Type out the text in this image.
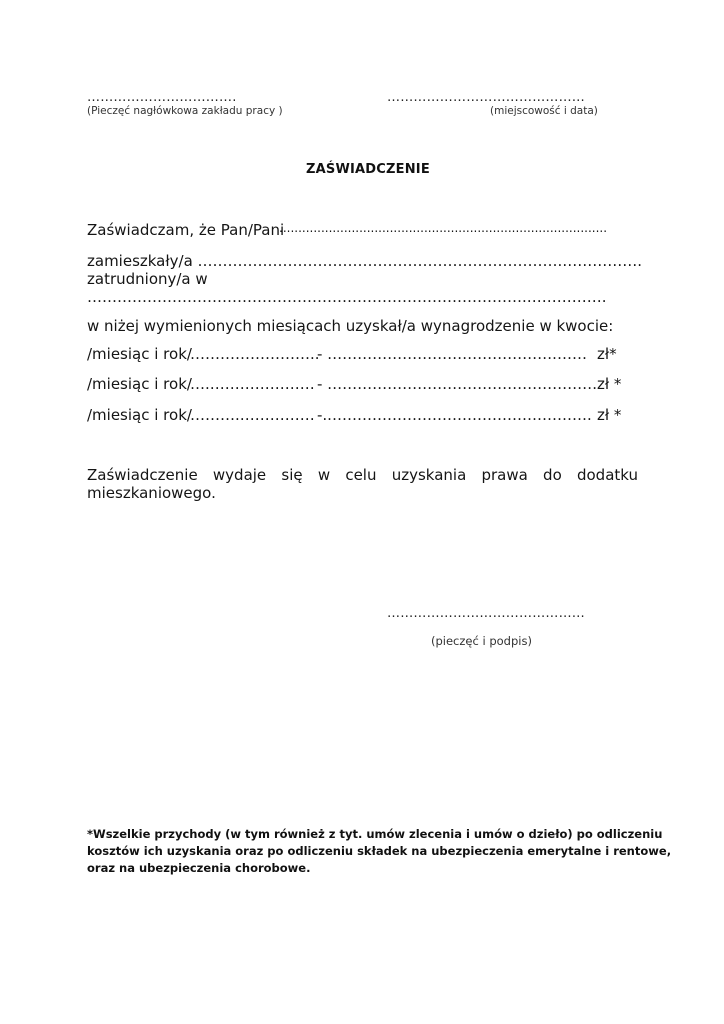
…………………………….
(Pieczęć nagłówkowa zakładu pracy )
………………………………………
(miejscowość i data)
ZAŚWIADCZENIE
Zaświadczam, że Pan/Pani
......................................................................................
zamieszkały/a ……………………………………………………………….…………….
zatrudniony/a w
…………………………………………………………………………….…………….
w niżej wymienionych miesiącach uzyskał/a wynagrodzenie w kwocie:
/miesiąc i rok/
……………………..
- ……………………………………….…… zł*
/miesiąc i rok/
….………………… - ……………………………………………… zł *
/miesiąc i rok/
……….…………… -..……………………………………………. zł *
Zaświadczenie wydaje się w celu uzyskania prawa do dodatku
mieszkaniowego.
………………………………………
(pieczęć i podpis)
*Wszelkie przychody (w tym również z tyt. umów zlecenia i umów o dzieło) po odliczeniu
kosztów ich uzyskania oraz po odliczeniu składek na ubezpieczenia emerytalne i rentowe,
oraz na ubezpieczenia chorobowe.
